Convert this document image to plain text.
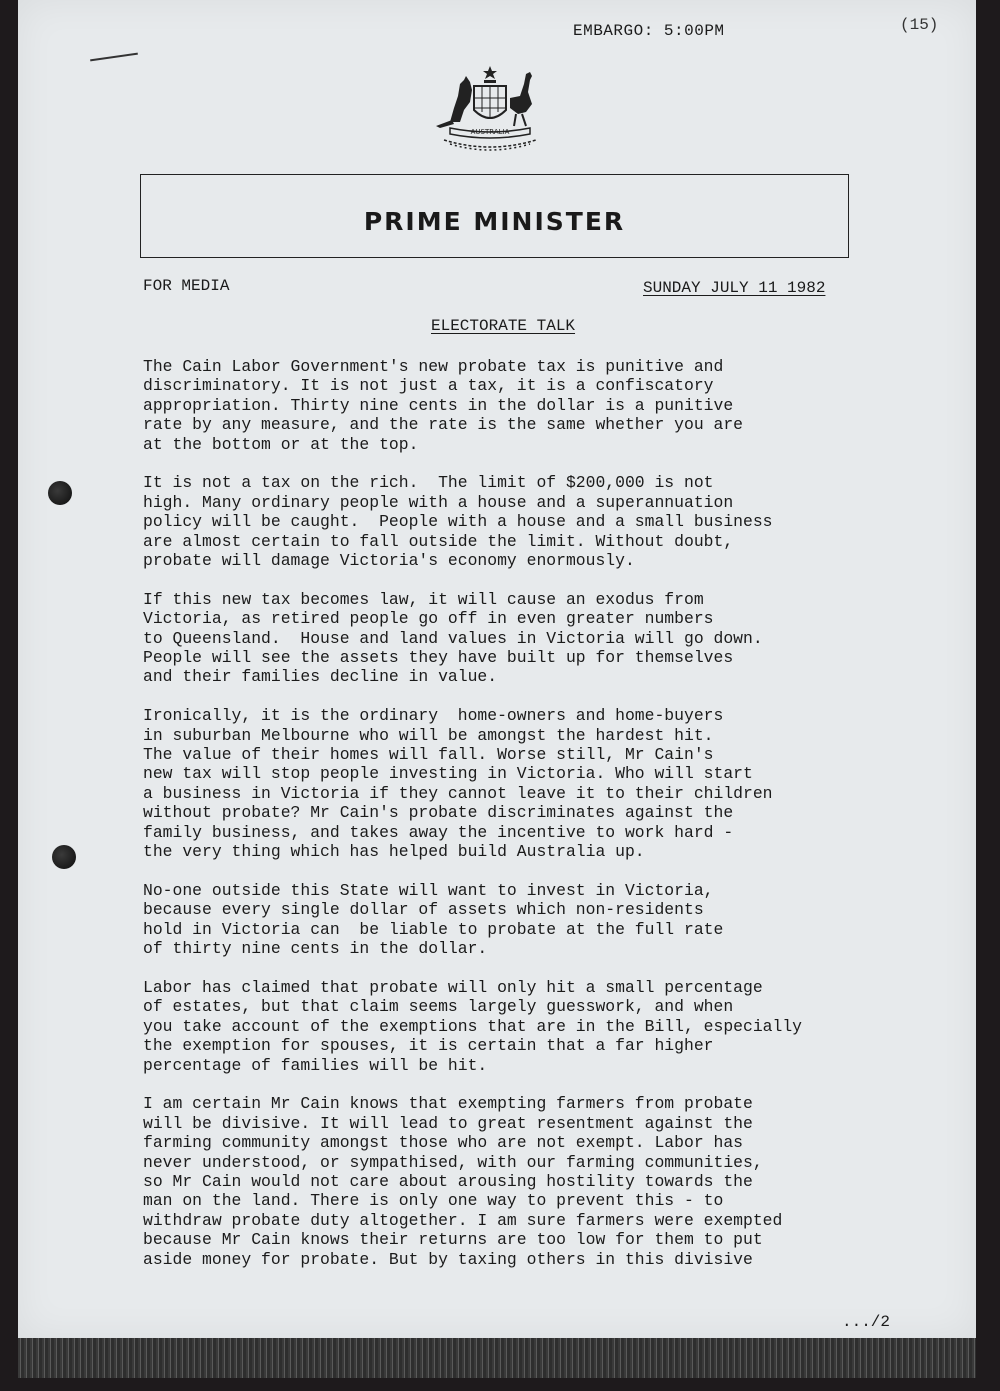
EMBARGO: 5:00PM	(15)
AUSTRALIA
PRIME MINISTER
FOR MEDIA	SUNDAY JULY 11 1982
ELECTORATE TALK

The Cain Labor Government's new probate tax is punitive and
discriminatory. It is not just a tax, it is a confiscatory
appropriation. Thirty nine cents in the dollar is a punitive
rate by any measure, and the rate is the same whether you are
at the bottom or at the top.

It is not a tax on the rich.  The limit of $200,000 is not
high. Many ordinary people with a house and a superannuation
policy will be caught.  People with a house and a small business
are almost certain to fall outside the limit. Without doubt,
probate will damage Victoria's economy enormously.

If this new tax becomes law, it will cause an exodus from
Victoria, as retired people go off in even greater numbers
to Queensland.  House and land values in Victoria will go down.
People will see the assets they have built up for themselves
and their families decline in value.

Ironically, it is the ordinary  home-owners and home-buyers
in suburban Melbourne who will be amongst the hardest hit.
The value of their homes will fall. Worse still, Mr Cain's
new tax will stop people investing in Victoria. Who will start
a business in Victoria if they cannot leave it to their children
without probate? Mr Cain's probate discriminates against the
family business, and takes away the incentive to work hard -
the very thing which has helped build Australia up.

No-one outside this State will want to invest in Victoria,
because every single dollar of assets which non-residents
hold in Victoria can  be liable to probate at the full rate
of thirty nine cents in the dollar.

Labor has claimed that probate will only hit a small percentage
of estates, but that claim seems largely guesswork, and when
you take account of the exemptions that are in the Bill, especially
the exemption for spouses, it is certain that a far higher
percentage of families will be hit.

I am certain Mr Cain knows that exempting farmers from probate
will be divisive. It will lead to great resentment against the
farming community amongst those who are not exempt. Labor has
never understood, or sympathised, with our farming communities,
so Mr Cain would not care about arousing hostility towards the
man on the land. There is only one way to prevent this - to
withdraw probate duty altogether. I am sure farmers were exempted
because Mr Cain knows their returns are too low for them to put
aside money for probate. But by taxing others in this divisive

.../2
